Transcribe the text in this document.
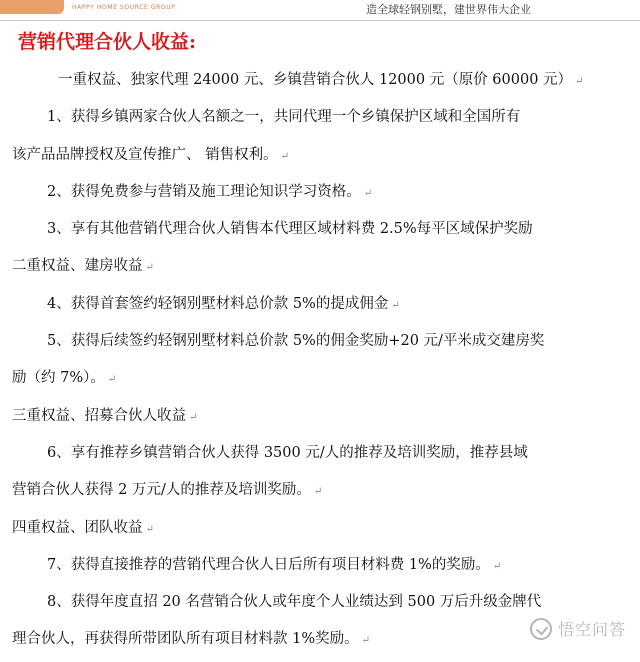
HAPPY HOME SOURCE GROUP	造全球轻钢别墅，建世界伟大企业
营销代理合伙人收益:
一重权益、独家代理 24000 元、乡镇营销合伙人 12000 元（原价 60000 元） ↵
1、获得乡镇两家合伙人名额之一，共同代理一个乡镇保护区域和全国所有
该产品品牌授权及宣传推广、 销售权利。 ↵
2、获得免费参与营销及施工理论知识学习资格。 ↵
3、享有其他营销代理合伙人销售本代理区域材料费 2.5%每平区域保护奖励
二重权益、建房收益 ↵
4、获得首套签约轻钢别墅材料总价款 5%的提成佣金 ↵
5、获得后续签约轻钢别墅材料总价款 5%的佣金奖励+20 元/平米成交建房奖
励（约 7%）。 ↵
三重权益、招募合伙人收益 ↵
6、享有推荐乡镇营销合伙人获得 3500 元/人的推荐及培训奖励，推荐县域
营销合伙人获得 2 万元/人的推荐及培训奖励。 ↵
四重权益、团队收益 ↵
7、获得直接推荐的营销代理合伙人日后所有项目材料费 1%的奖励。 ↵
8、获得年度直招 20 名营销合伙人或年度个人业绩达到 500 万后升级金牌代
理合伙人，再获得所带团队所有项目材料款 1%奖励。 ↵
悟空问答
